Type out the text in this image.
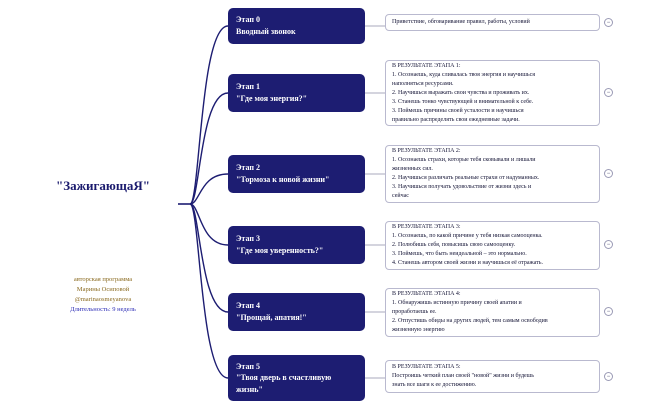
"ЗажигающаЯ"
авторская программа
Марины Осиповой
@marinaosmeyanova
Длительность: 9 недель
Этап 0
Вводный звонок
Приветствие, обговаривание правил, работы, условий	−
Этап 1
"Где моя энергия?"
В РЕЗУЛЬТАТЕ ЭТАПА 1:
1. Осознаешь, куда сливалась твоя энергия и научишься
наполняться ресурсами.
2. Научишься выражать свои чувства и проживать их.
3. Станешь тонко чувствующей и внимательной к себе.
3. Поймешь причины своей усталости и научишься
правильно распределять свои ежедневные задачи.
−
Этап 2
"Тормоза к новой жизни"
В РЕЗУЛЬТАТЕ ЭТАПА 2:
1. Осознаешь страхи, которые тебя сковывали и лишали
жизненных сил.
2. Научишься различать реальные страхи от надуманных.
3. Научишься получать удовольствие от жизни здесь и
сейчас
−
Этап 3
"Где моя уверенность?"
В РЕЗУЛЬТАТЕ ЭТАПА 3:
1. Осознаешь, по какой причине у тебя низкая самооценка.
2. Полюбишь себя, повысишь свою самооценку.
3. Поймешь, что быть неидеальной – это нормально.
4. Станешь автором своей жизни и научишься её отражать.
−
Этап 4
"Прощай, апатия!"
В РЕЗУЛЬТАТЕ ЭТАПА 4:
1. Обнаружишь истинную причину своей апатии и
проработаешь ее.
2. Отпустишь обиды на других людей, тем самым освободив
жизненную энергию
−
Этап 5
"Твоя дверь в счастливую жизнь"
В РЕЗУЛЬТАТЕ ЭТАПА 5:
Построишь четкий план своей "новой" жизни и будешь
знать все шаги к ее достижению.
−
